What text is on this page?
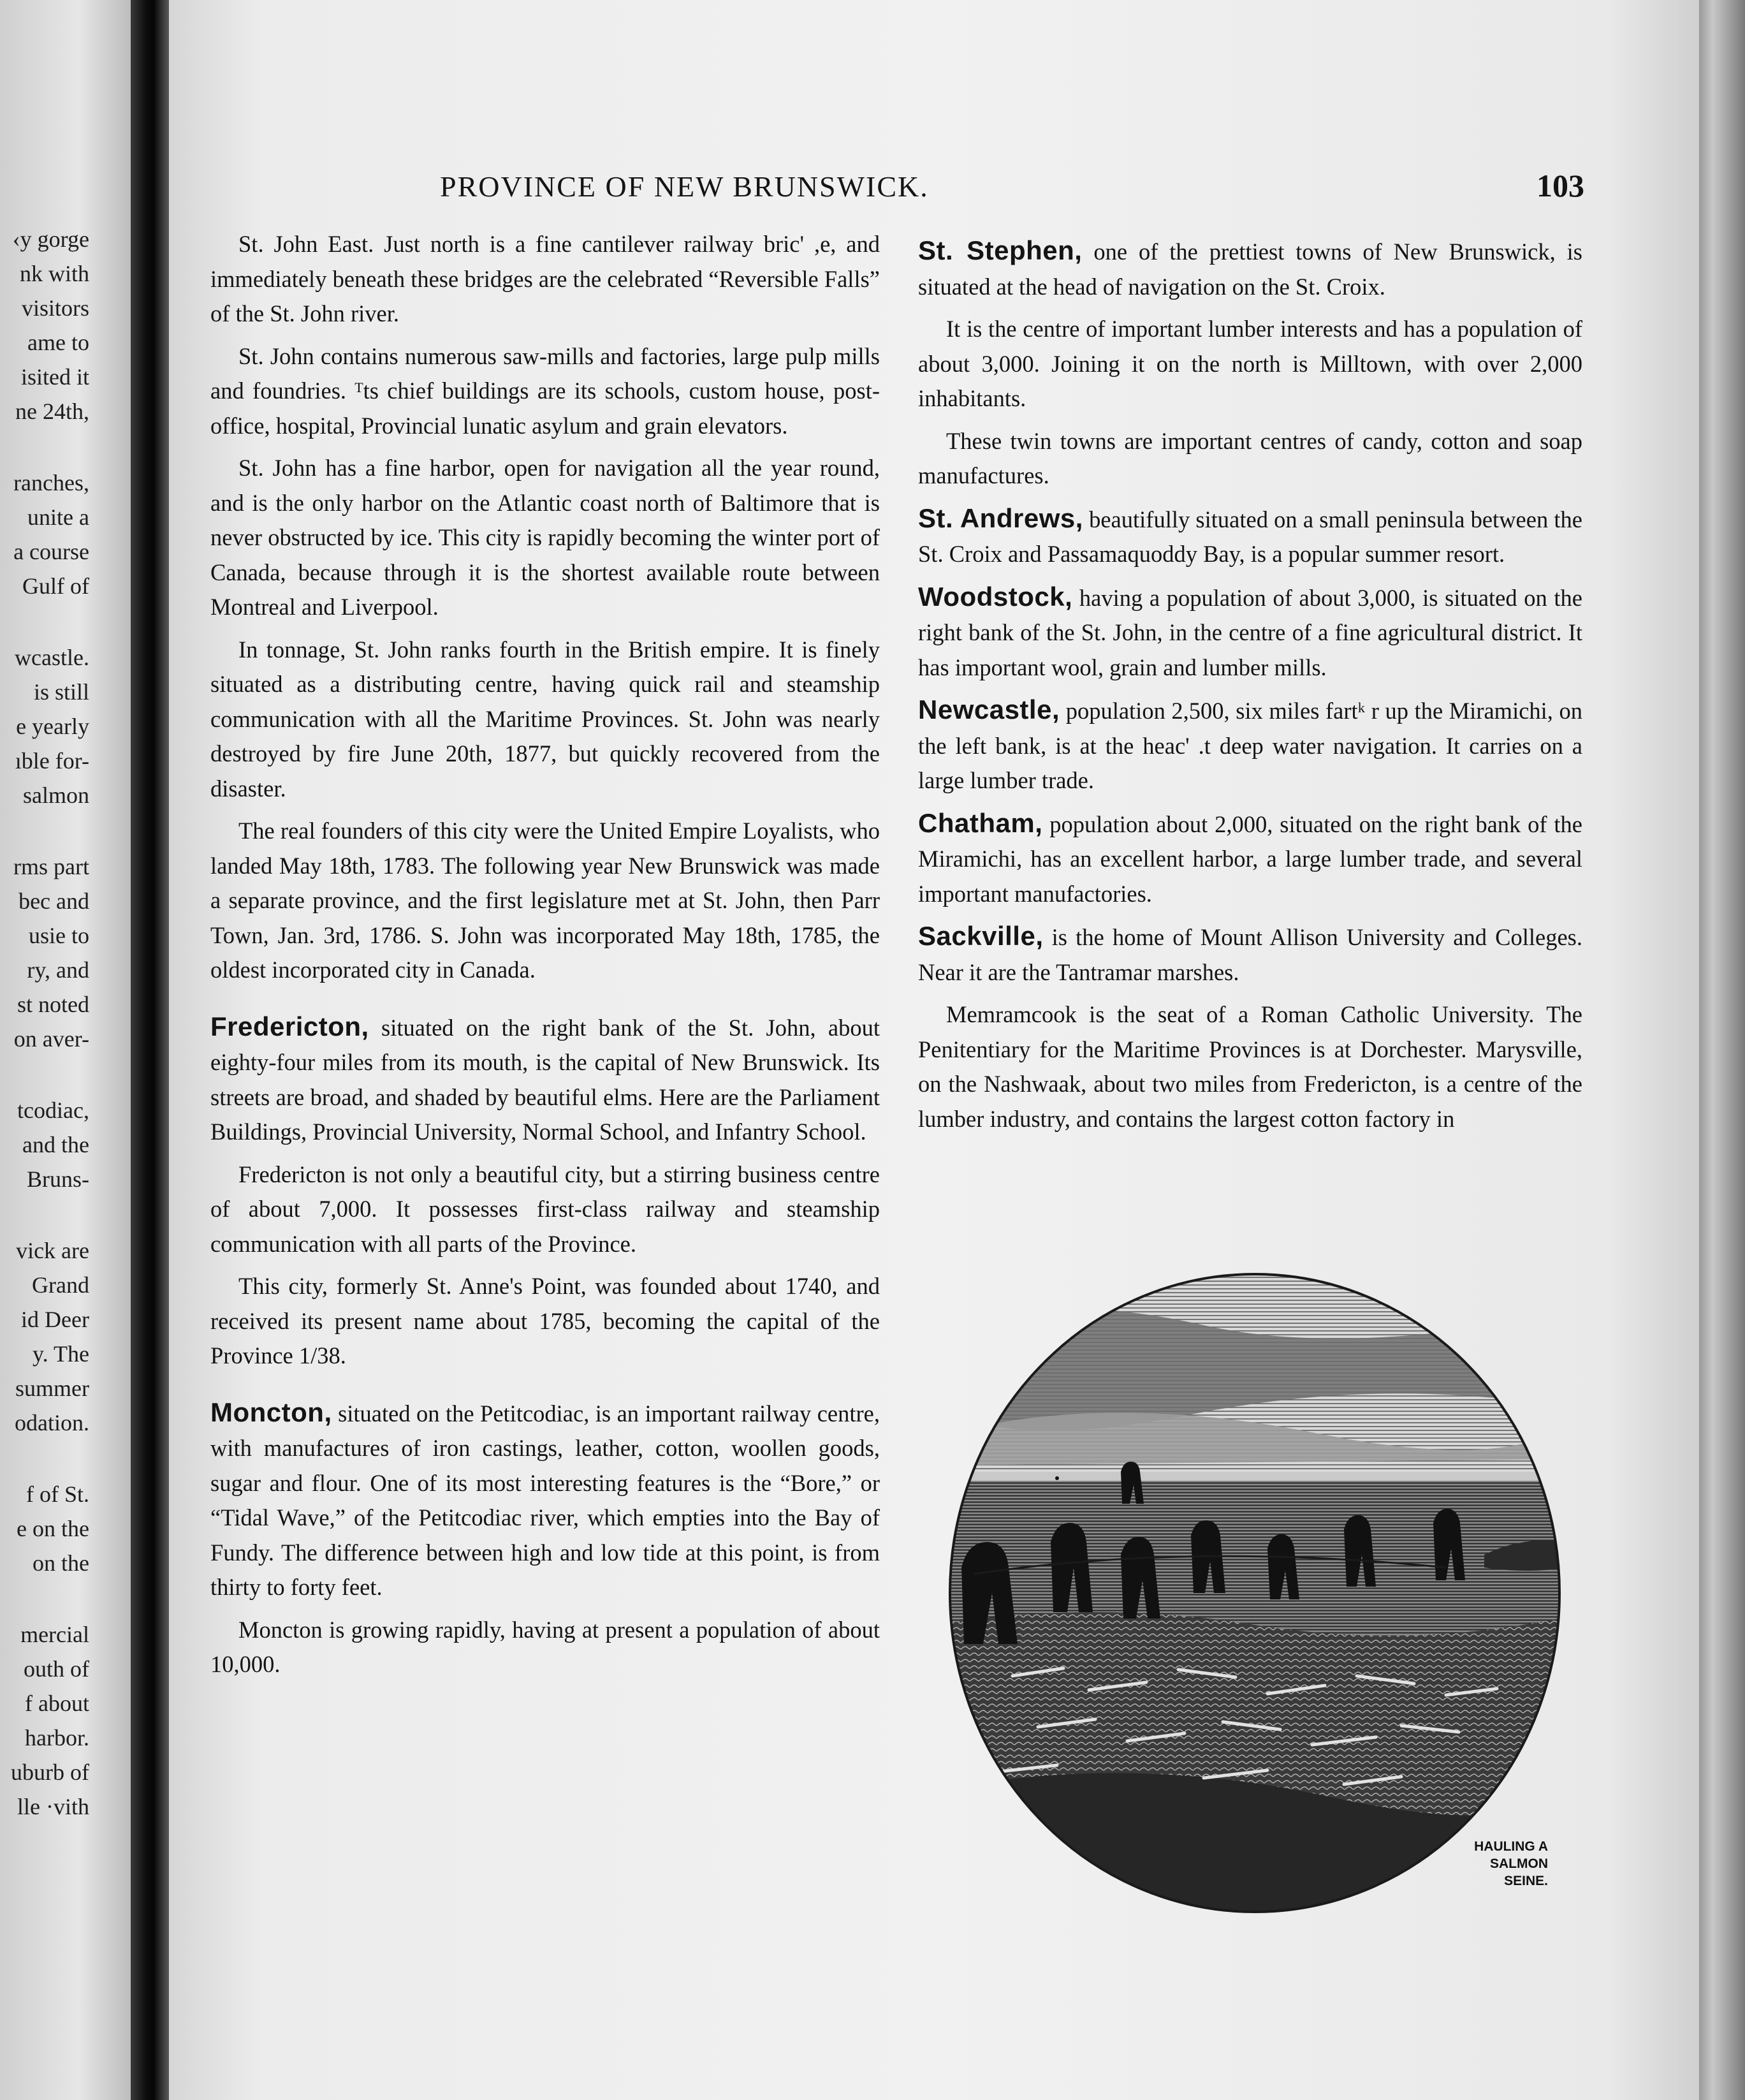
‹y gorge
nk with
visitors
ame to
isited it
ne 24th,
ranches,
unite a
a course
Gulf of
wcastle.
is still
e yearly
ıble for-
salmon
rms part
bec and
usie to
ry, and
st noted
on aver-
tcodiac,
and the
Bruns-
vick are
Grand
id Deer
y. The
summer
odation.
f of St.
e on the
on the
mercial
outh of
f about
harbor.
uburb of
lle ·vith
PROVINCE OF NEW BRUNSWICK.	103

St. John East. Just north is a fine cantilever railway bric' ,e, and immediately beneath these bridges are the celebrated “Reversible Falls” of the St. John river.

St. John contains numerous saw-mills and factories, large pulp mills and foundries. ᵀts chief buildings are its schools, custom house, post-office, hospital, Provincial lunatic asylum and grain elevators.

St. John has a fine harbor, open for navigation all the year round, and is the only harbor on the Atlantic coast north of Baltimore that is never obstructed by ice. This city is rapidly becoming the winter port of Canada, because through it is the shortest available route between Montreal and Liverpool.

In tonnage, St. John ranks fourth in the British empire. It is finely situated as a distributing centre, having quick rail and steamship communication with all the Maritime Provinces. St. John was nearly destroyed by fire June 20th, 1877, but quickly recovered from the disaster.

The real founders of this city were the United Empire Loyalists, who landed May 18th, 1783. The following year New Brunswick was made a separate province, and the first legislature met at St. John, then Parr Town, Jan. 3rd, 1786. S. John was incorporated May 18th, 1785, the oldest incorporated city in Canada.

Fredericton, situated on the right bank of the St. John, about eighty-four miles from its mouth, is the capital of New Brunswick. Its streets are broad, and shaded by beautiful elms. Here are the Parliament Buildings, Provincial University, Normal School, and Infantry School.

Fredericton is not only a beautiful city, but a stirring business centre of about 7,000. It possesses first-class railway and steamship communication with all parts of the Province.

This city, formerly St. Anne's Point, was founded about 1740, and received its present name about 1785, becoming the capital of the Province 1/38.

Moncton, situated on the Petitcodiac, is an important railway centre, with manufactures of iron castings, leather, cotton, woollen goods, sugar and flour. One of its most interesting features is the “Bore,” or “Tidal Wave,” of the Petitcodiac river, which empties into the Bay of Fundy. The difference between high and low tide at this point, is from thirty to forty feet.

Moncton is growing rapidly, having at present a population of about 10,000.

St. Stephen, one of the prettiest towns of New Brunswick, is situated at the head of navigation on the St. Croix.

It is the centre of important lumber interests and has a population of about 3,000. Joining it on the north is Milltown, with over 2,000 inhabitants.

These twin towns are important centres of candy, cotton and soap manufactures.

St. Andrews, beautifully situated on a small peninsula between the St. Croix and Passamaquoddy Bay, is a popular summer resort.

Woodstock, having a population of about 3,000, is situated on the right bank of the St. John, in the centre of a fine agricultural district. It has important wool, grain and lumber mills.

Newcastle, population 2,500, six miles fartᵏ r up the Miramichi, on the left bank, is at the heac' .t deep water navigation. It carries on a large lumber trade.

Chatham, population about 2,000, situated on the right bank of the Miramichi, has an excellent harbor, a large lumber trade, and several important manufactories.

Sackville, is the home of Mount Allison University and Colleges. Near it are the Tantramar marshes.

Memramcook is the seat of a Roman Catholic University. The Penitentiary for the Maritime Provinces is at Dorchester. Marysville, on the Nashwaak, about two miles from Fredericton, is a centre of the lumber industry, and contains the largest cotton factory in

HAULING A
SALMON
SEINE.
